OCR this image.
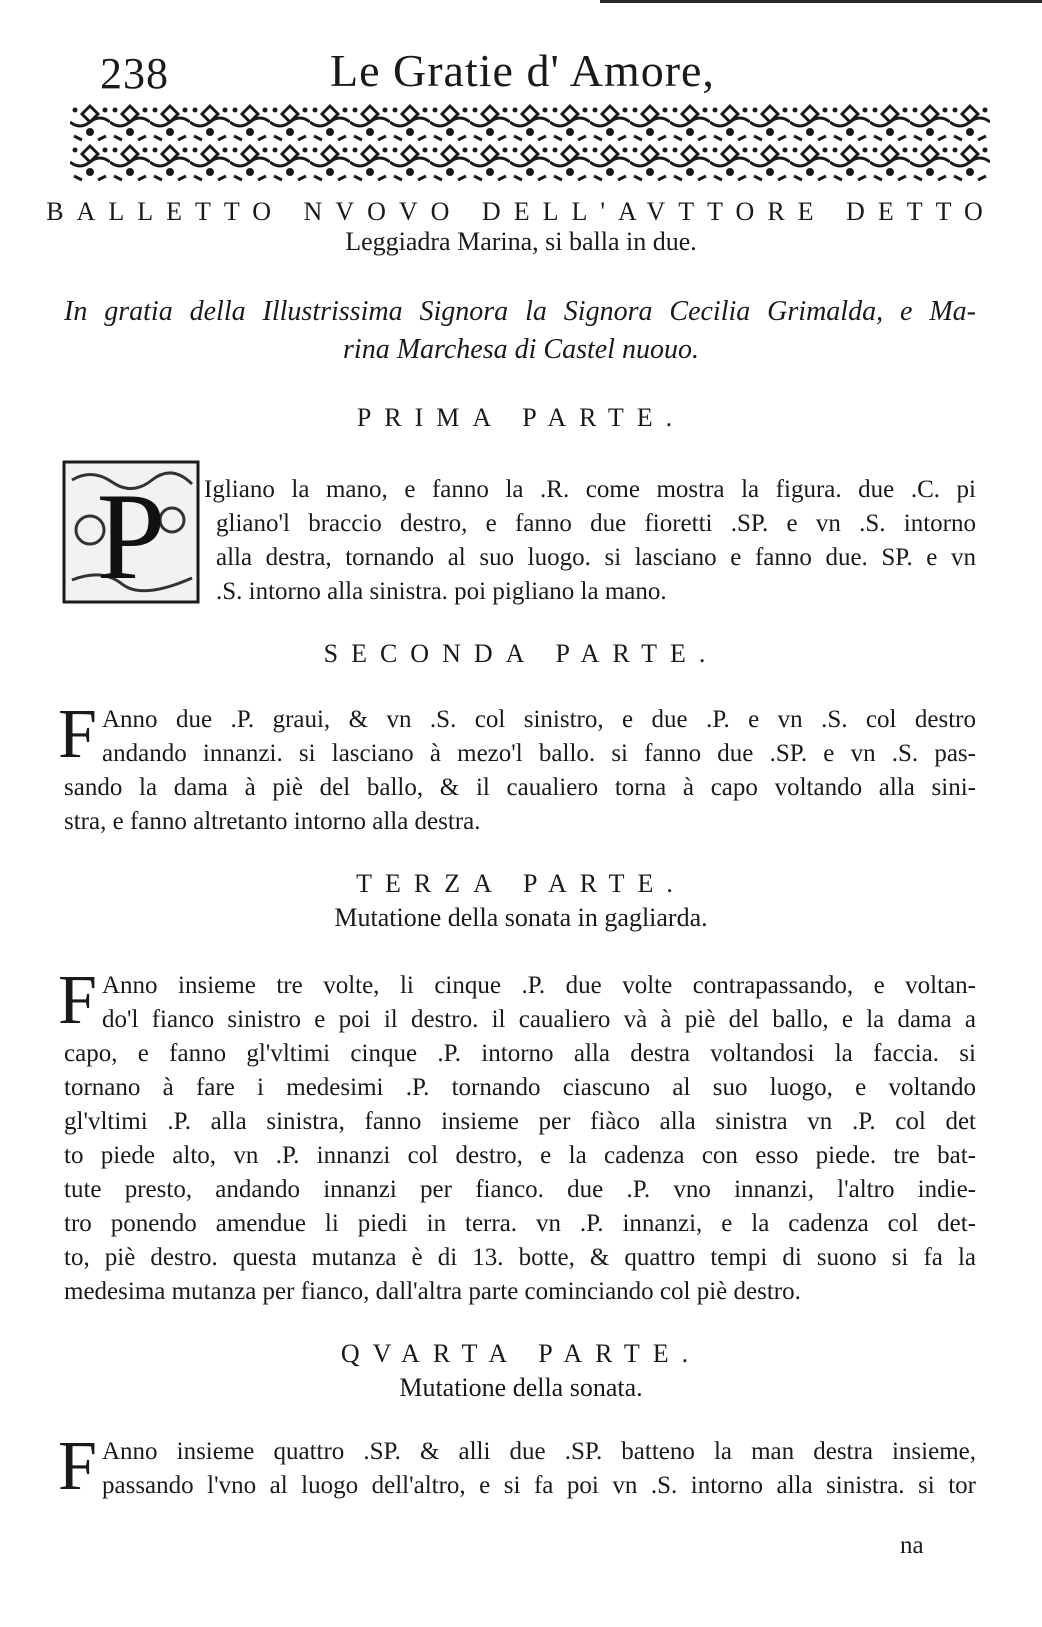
238	Le Gratie d' Amore,
BALLETTO NVOVO DELL'AVTTORE DETTO
Leggiadra Marina, si balla in due.
In gratia della Illustrissima Signora la Signora Cecilia Grimalda, e Ma-
rina Marchesa di Castel nuouo.
PRIMA PARTE.
P Igliano la mano, e fanno la .R. come mostra la figura. due .C. pi
gliano'l braccio destro, e fanno due fioretti .SP. e vn .S. intorno
alla destra, tornando al suo luogo. si lasciano e fanno due. SP. e vn
.S. intorno alla sinistra. poi pigliano la mano.
SECONDA PARTE.
F Anno due .P. graui, & vn .S. col sinistro, e due .P. e vn .S. col destro
andando innanzi. si lasciano à mezo'l ballo. si fanno due .SP. e vn .S. pas-
sando la dama à piè del ballo, & il caualiero torna à capo voltando alla sini-
stra, e fanno altretanto intorno alla destra.
TERZA PARTE.
Mutatione della sonata in gagliarda.
F Anno insieme tre volte, li cinque .P. due volte contrapassando, e voltan-
do'l fianco sinistro e poi il destro. il caualiero và à piè del ballo, e la dama a
capo, e fanno gl'vltimi cinque .P. intorno alla destra voltandosi la faccia. si
tornano à fare i medesimi .P. tornando ciascuno al suo luogo, e voltando
gl'vltimi .P. alla sinistra, fanno insieme per fiàco alla sinistra vn .P. col det
to piede alto, vn .P. innanzi col destro, e la cadenza con esso piede. tre bat-
tute presto, andando innanzi per fianco. due .P. vno innanzi, l'altro indie-
tro ponendo amendue li piedi in terra. vn .P. innanzi, e la cadenza col det-
to, piè destro. questa mutanza è di 13. botte, & quattro tempi di suono si fa la
medesima mutanza per fianco, dall'altra parte cominciando col piè destro.
QVARTA PARTE.
Mutatione della sonata.
F Anno insieme quattro .SP. & alli due .SP. batteno la man destra insieme,
passando l'vno al luogo dell'altro, e si fa poi vn .S. intorno alla sinistra. si tor
na
